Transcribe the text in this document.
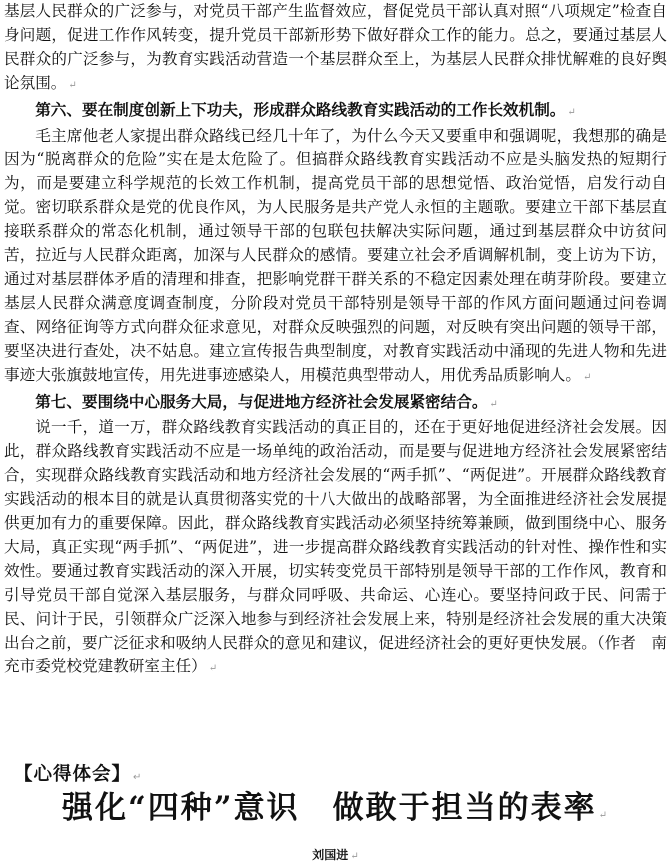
基层人民群众的广泛参与，对党员干部产生监督效应，督促党员干部认真对照“八项规定”检查自身问题，促进工作作风转变，提升党员干部新形势下做好群众工作的能力。总之，要通过基层人民群众的广泛参与，为教育实践活动营造一个基层群众至上，为基层人民群众排忧解难的良好舆论氛围。 ↵

第六、要在制度创新上下功夫，形成群众路线教育实践活动的工作长效机制。 ↵

毛主席他老人家提出群众路线已经几十年了，为什么今天又要重申和强调呢，我想那的确是因为“脱离群众的危险”实在是太危险了。但搞群众路线教育实践活动不应是头脑发热的短期行为，而是要建立科学规范的长效工作机制，提高党员干部的思想觉悟、政治觉悟，启发行动自觉。密切联系群众是党的优良作风，为人民服务是共产党人永恒的主题歌。要建立干部下基层直接联系群众的常态化机制，通过领导干部的包联包扶解决实际问题，通过到基层群众中访贫问苦，拉近与人民群众距离，加深与人民群众的感情。要建立社会矛盾调解机制，变上访为下访，通过对基层群体矛盾的清理和排查，把影响党群干群关系的不稳定因素处理在萌芽阶段。要建立基层人民群众满意度调查制度，分阶段对党员干部特别是领导干部的作风方面问题通过问卷调查、网络征询等方式向群众征求意见，对群众反映强烈的问题，对反映有突出问题的领导干部，要坚决进行查处，决不姑息。建立宣传报告典型制度，对教育实践活动中涌现的先进人物和先进事迹大张旗鼓地宣传，用先进事迹感染人，用模范典型带动人，用优秀品质影响人。 ↵

第七、要围绕中心服务大局，与促进地方经济社会发展紧密结合。 ↵

说一千，道一万，群众路线教育实践活动的真正目的，还在于更好地促进经济社会发展。因此，群众路线教育实践活动不应是一场单纯的政治活动，而是要与促进地方经济社会发展紧密结合，实现群众路线教育实践活动和地方经济社会发展的“两手抓”、“两促进”。开展群众路线教育实践活动的根本目的就是认真贯彻落实党的十八大做出的战略部署，为全面推进经济社会发展提供更加有力的重要保障。因此，群众路线教育实践活动必须坚持统筹兼顾，做到围绕中心、服务大局，真正实现“两手抓”、“两促进”，进一步提高群众路线教育实践活动的针对性、操作性和实效性。要通过教育实践活动的深入开展，切实转变党员干部特别是领导干部的工作作风，教育和引导党员干部自觉深入基层服务，与群众同呼吸、共命运、心连心。要坚持问政于民、问需于民、问计于民，引领群众广泛深入地参与到经济社会发展上来，特别是经济社会发展的重大决策出台之前，要广泛征求和吸纳人民群众的意见和建议，促进经济社会的更好更快发展。（作者　南充市委党校党建教研室主任） ↵

【心得体会】 ↵
强化“四种”意识　做敢于担当的表率 ↵
刘国进 ↵
